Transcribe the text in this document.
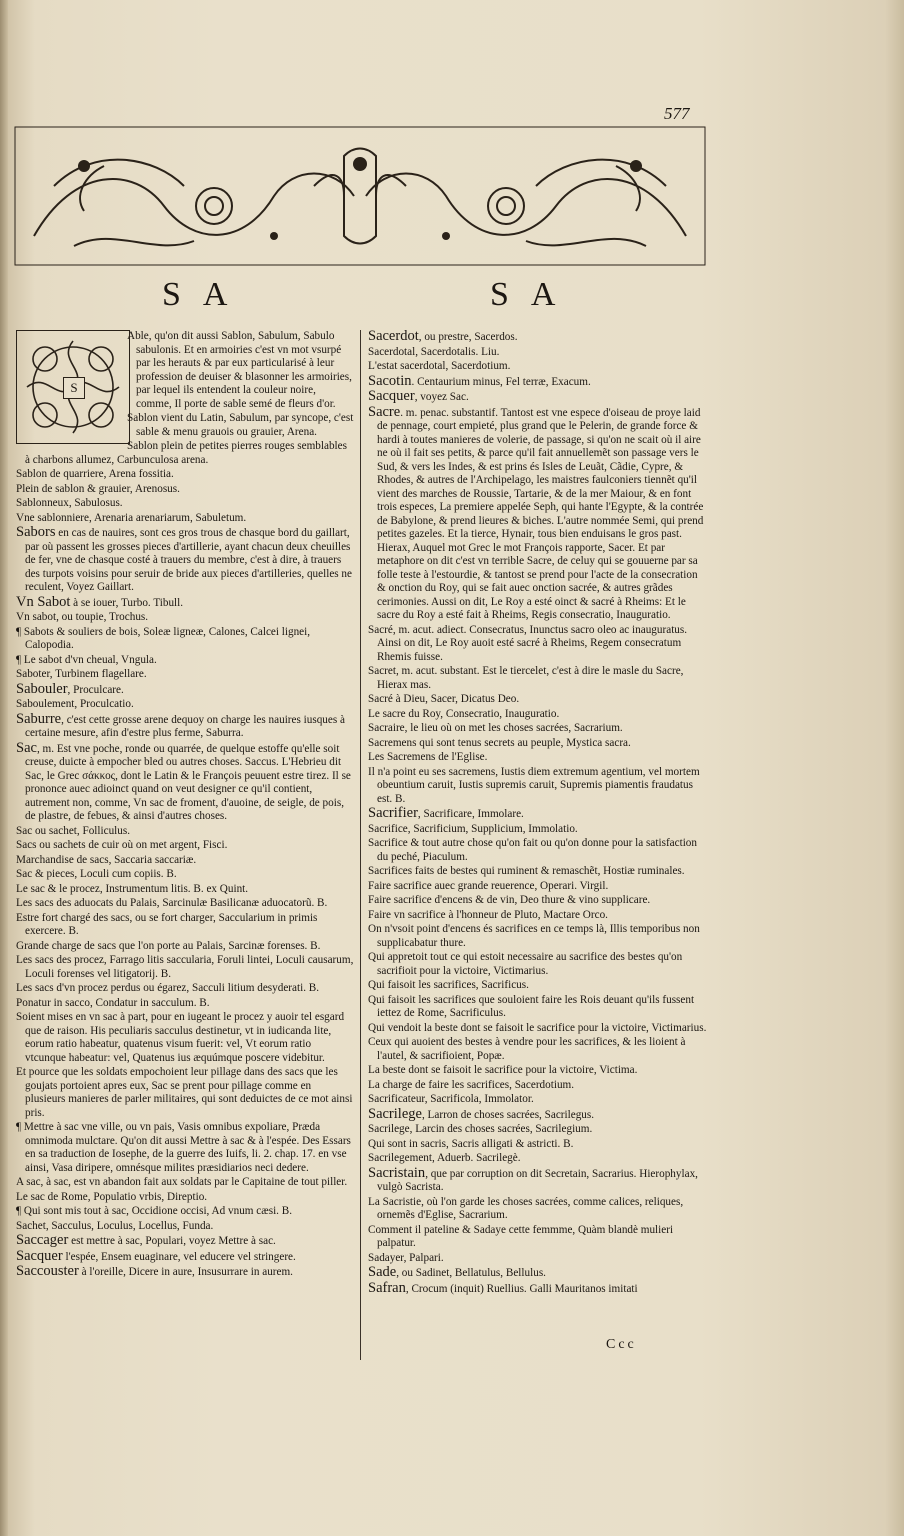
577
SA	SA
S
Able, qu'on dit aussi Sablon, Sabulum, Sabulo sabulonis. Et en armoiries c'est vn mot vsurpé par les herauts & par eux particularisé à leur profession de deuiser & blasonner les armoiries, par lequel ils entendent la couleur noire, comme, Il porte de sable semé de fleurs d'or.
Sablon vient du Latin, Sabulum, par syncope, c'est sable & menu grauois ou grauier, Arena.
Sablon plein de petites pierres rouges semblables à charbons allumez, Carbunculosa arena.
Sablon de quarriere, Arena fossitia.
Plein de sablon & grauier, Arenosus.
Sablonneux, Sabulosus.
Vne sablonniere, Arenaria arenariarum, Sabuletum.
Sabors en cas de nauires, sont ces gros trous de chasque bord du gaillart, par où passent les grosses pieces d'artillerie, ayant chacun deux cheuilles de fer, vne de chasque costé à trauers du membre, c'est à dire, à trauers des turpots voisins pour seruir de bride aux pieces d'artilleries, quelles ne reculent, Voyez Gaillart.
Vn Sabot à se iouer, Turbo. Tibull.
Vn sabot, ou toupie, Trochus.
¶ Sabots & souliers de bois, Soleæ ligneæ, Calones, Calcei lignei, Calopodia.
¶ Le sabot d'vn cheual, Vngula.
Saboter, Turbinem flagellare.
Sabouler, Proculcare.
Saboulement, Proculcatio.
Saburre, c'est cette grosse arene dequoy on charge les nauires iusques à certaine mesure, afin d'estre plus ferme, Saburra.
Sac, m. Est vne poche, ronde ou quarrée, de quelque estoffe qu'elle soit creuse, duicte à empocher bled ou autres choses. Saccus. L'Hebrieu dit Sac, le Grec σάκκος, dont le Latin & le François peuuent estre tirez. Il se prononce auec adioinct quand on veut designer ce qu'il contient, autrement non, comme, Vn sac de froment, d'auoine, de seigle, de pois, de plastre, de febues, & ainsi d'autres choses.
Sac ou sachet, Folliculus.
Sacs ou sachets de cuir où on met argent, Fisci.
Marchandise de sacs, Saccaria saccariæ.
Sac & pieces, Loculi cum copiis. B.
Le sac & le procez, Instrumentum litis. B. ex Quint.
Les sacs des aduocats du Palais, Sarcinulæ Basilicanæ aduocatorũ. B.
Estre fort chargé des sacs, ou se fort charger, Saccularium in primis exercere. B.
Grande charge de sacs que l'on porte au Palais, Sarcinæ forenses. B.
Les sacs des procez, Farrago litis saccularia, Foruli lintei, Loculi causarum, Loculi forenses vel litigatorij. B.
Les sacs d'vn procez perdus ou égarez, Sacculi litium desyderati. B.
Ponatur in sacco, Condatur in sacculum. B.
Soient mises en vn sac à part, pour en iugeant le procez y auoir tel esgard que de raison. His peculiaris sacculus destinetur, vt in iudicanda lite, eorum ratio habeatur, quatenus visum fuerit: vel, Vt eorum ratio vtcunque habeatur: vel, Quatenus ius æquúmque poscere videbitur.
Et pource que les soldats empochoient leur pillage dans des sacs que les goujats portoient apres eux, Sac se prent pour pillage comme en plusieurs manieres de parler militaires, qui sont deduictes de ce mot ainsi pris.
¶ Mettre à sac vne ville, ou vn pais, Vasis omnibus expoliare, Præda omnimoda mulctare. Qu'on dit aussi Mettre à sac & à l'espée. Des Essars en sa traduction de Iosephe, de la guerre des Iuifs, li. 2. chap. 17. en vse ainsi, Vasa diripere, omnésque milites præsidiarios neci dedere.
A sac, à sac, est vn abandon fait aux soldats par le Capitaine de tout piller.
Le sac de Rome, Populatio vrbis, Direptio.
¶ Qui sont mis tout à sac, Occidione occisi, Ad vnum cæsi. B.
Sachet, Sacculus, Loculus, Locellus, Funda.
Saccager est mettre à sac, Populari, voyez Mettre à sac.
Sacquer l'espée, Ensem euaginare, vel educere vel stringere.
Saccouster à l'oreille, Dicere in aure, Insusurrare in aurem.
Sacerdot, ou prestre, Sacerdos.
Sacerdotal, Sacerdotalis. Liu.
L'estat sacerdotal, Sacerdotium.
Sacotin. Centaurium minus, Fel terræ, Exacum.
Sacquer, voyez Sac.
Sacre. m. penac. substantif. Tantost est vne espece d'oiseau de proye laid de pennage, court empieté, plus grand que le Pelerin, de grande force & hardi à toutes manieres de volerie, de passage, si qu'on ne scait où il aire ne où il fait ses petits, & parce qu'il fait annuellemẽt son passage vers le Sud, & vers les Indes, & est prins és Isles de Leuãt, Cãdie, Cypre, & Rhodes, & autres de l'Archipelago, les maistres faulconiers tiennẽt qu'il vient des marches de Roussie, Tartarie, & de la mer Maiour, & en font trois especes, La premiere appelée Seph, qui hante l'Egypte, & la contrée de Babylone, & prend lieures & biches. L'autre nommée Semi, qui prend petites gazeles. Et la tierce, Hynair, tous bien enduisans le gros past. Hierax, Auquel mot Grec le mot François rapporte, Sacer. Et par metaphore on dit c'est vn terrible Sacre, de celuy qui se gouuerne par sa folle teste à l'estourdie, & tantost se prend pour l'acte de la consecration & onction du Roy, qui se fait auec onction sacrée, & autres grãdes cerimonies. Aussi on dit, Le Roy a esté oinct & sacré à Rheims: Et le sacre du Roy a esté fait à Rheims, Regis consecratio, Inauguratio.
Sacré, m. acut. adiect. Consecratus, Inunctus sacro oleo ac inauguratus. Ainsi on dit, Le Roy auoit esté sacré à Rheims, Regem consecratum Rhemis fuisse.
Sacret, m. acut. substant. Est le tiercelet, c'est à dire le masle du Sacre, Hierax mas.
Sacré à Dieu, Sacer, Dicatus Deo.
Le sacre du Roy, Consecratio, Inauguratio.
Sacraire, le lieu où on met les choses sacrées, Sacrarium.
Sacremens qui sont tenus secrets au peuple, Mystica sacra.
Les Sacremens de l'Eglise.
Il n'a point eu ses sacremens, Iustis diem extremum agentium, vel mortem obeuntium caruit, Iustis supremis caruit, Supremis piamentis fraudatus est. B.
Sacrifier, Sacrificare, Immolare.
Sacrifice, Sacrificium, Supplicium, Immolatio.
Sacrifice & tout autre chose qu'on fait ou qu'on donne pour la satisfaction du peché, Piaculum.
Sacrifices faits de bestes qui ruminent & remaschẽt, Hostiæ ruminales.
Faire sacrifice auec grande reuerence, Operari. Virgil.
Faire sacrifice d'encens & de vin, Deo thure & vino supplicare.
Faire vn sacrifice à l'honneur de Pluto, Mactare Orco.
On n'vsoit point d'encens és sacrifices en ce temps là, Illis temporibus non supplicabatur thure.
Qui appretoit tout ce qui estoit necessaire au sacrifice des bestes qu'on sacrifioit pour la victoire, Victimarius.
Qui faisoit les sacrifices, Sacrificus.
Qui faisoit les sacrifices que souloient faire les Rois deuant qu'ils fussent iettez de Rome, Sacrificulus.
Qui vendoit la beste dont se faisoit le sacrifice pour la victoire, Victimarius.
Ceux qui auoient des bestes à vendre pour les sacrifices, & les lioient à l'autel, & sacrifioient, Popæ.
La beste dont se faisoit le sacrifice pour la victoire, Victima.
La charge de faire les sacrifices, Sacerdotium.
Sacrificateur, Sacrificola, Immolator.
Sacrilege, Larron de choses sacrées, Sacrilegus.
Sacrilege, Larcin des choses sacrées, Sacrilegium.
Qui sont in sacris, Sacris alligati & astricti. B.
Sacrilegement, Aduerb. Sacrilegè.
Sacristain, que par corruption on dit Secretain, Sacrarius. Hierophylax, vulgò Sacrista.
La Sacristie, où l'on garde les choses sacrées, comme calices, reliques, ornemẽs d'Eglise, Sacrarium.
Comment il pateline & Sadaye cette femmme, Quàm blandè mulieri palpatur.
Sadayer, Palpari.
Sade, ou Sadinet, Bellatulus, Bellulus.
Safran, Crocum (inquit) Ruellius. Galli Mauritanos imitati
Ccc
